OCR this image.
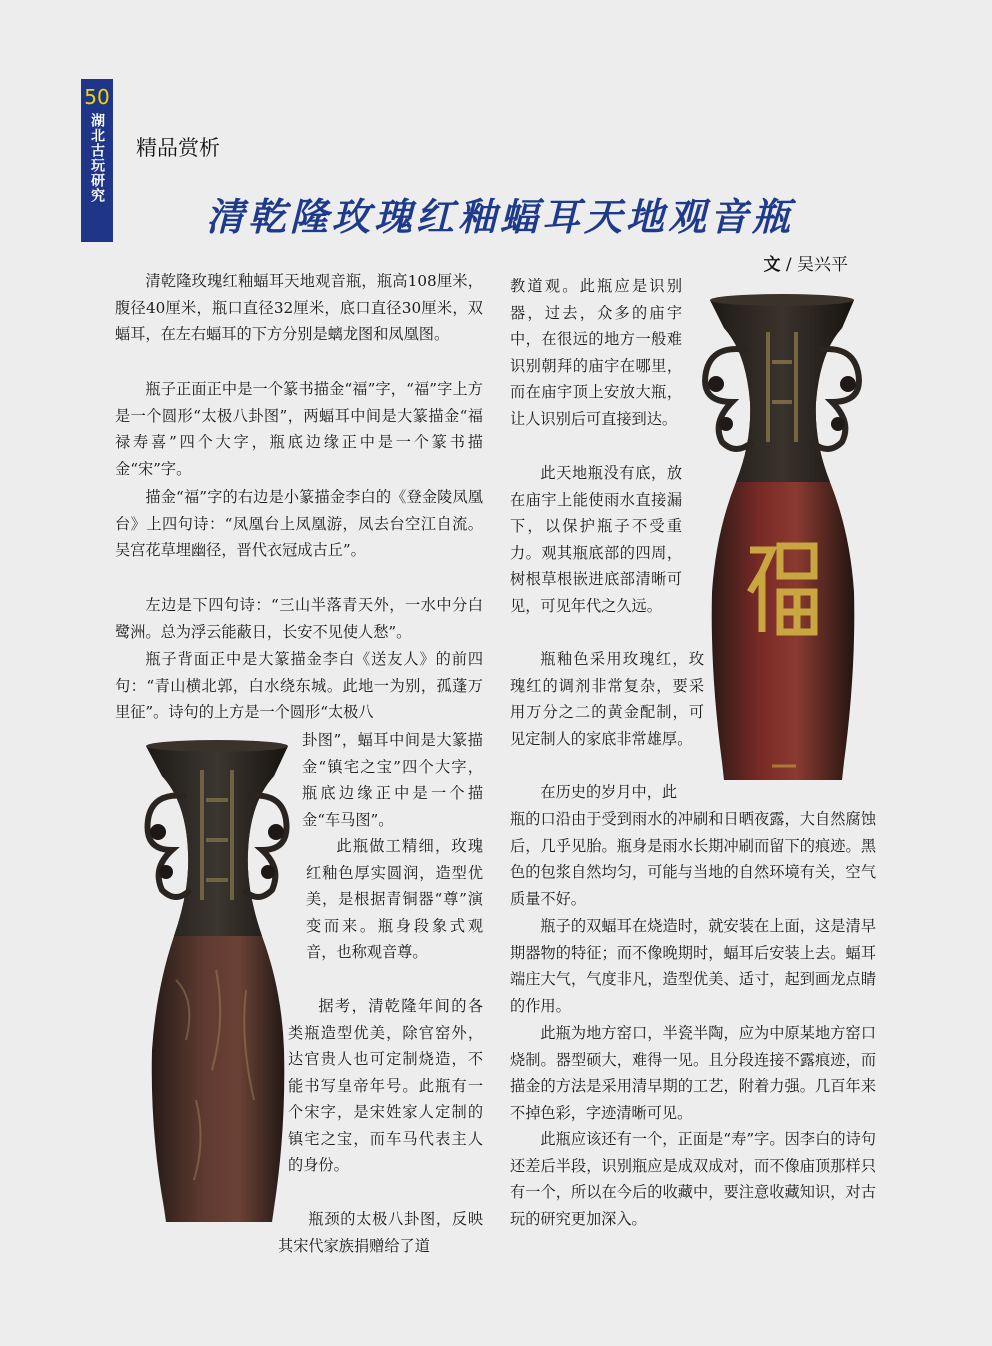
50
湖北古玩研究 精品赏析
清乾隆玫瑰红釉蝠耳天地观音瓶
文 / 吴兴平

清乾隆玫瑰红釉蝠耳天地观音瓶，瓶高108厘米，腹径40厘米，瓶口直径32厘米，底口直径30厘米，双蝠耳，在左右蝠耳的下方分别是螭龙图和凤凰图。

瓶子正面正中是一个篆书描金“福”字，“福”字上方是一个圆形“太极八卦图”，两蝠耳中间是大篆描金“福禄寿喜”四个大字，瓶底边缘正中是一个篆书描金“宋”字。

描金“福”字的右边是小篆描金李白的《登金陵凤凰台》上四句诗：“凤凰台上凤凰游，凤去台空江自流。吴宫花草埋幽径，晋代衣冠成古丘”。

左边是下四句诗：“三山半落青天外，一水中分白鹭洲。总为浮云能蔽日，长安不见使人愁”。

瓶子背面正中是大篆描金李白《送友人》的前四句：“青山横北郭，白水绕东城。此地一为别，孤蓬万里征”。诗句的上方是一个圆形“太极八

卦图”，蝠耳中间是大篆描金“镇宅之宝”四个大字，瓶底边缘正中是一个描金“车马图”。

此瓶做工精细，玫瑰红釉色厚实圆润，造型优美，是根据青铜器“尊”演变而来。瓶身段象式观音，也称观音尊。

据考，清乾隆年间的各类瓶造型优美，除官窑外，达官贵人也可定制烧造，不能书写皇帝年号。此瓶有一个宋字，是宋姓家人定制的镇宅之宝，而车马代表主人的身份。

瓶颈的太极八卦图，反映其宋代家族捐赠给了道

教道观。此瓶应是识别器，过去，众多的庙宇中，在很远的地方一般难识别朝拜的庙宇在哪里，而在庙宇顶上安放大瓶，让人识别后可直接到达。

此天地瓶没有底，放在庙宇上能使雨水直接漏下，以保护瓶子不受重力。观其瓶底部的四周，树根草根嵌进底部清晰可见，可见年代之久远。

瓶釉色采用玫瑰红，玫瑰红的调剂非常复杂，要采用万分之二的黄金配制，可见定制人的家底非常雄厚。

在历史的岁月中，此

瓶的口沿由于受到雨水的冲刷和日晒夜露，大自然腐蚀后，几乎见胎。瓶身是雨水长期冲刷而留下的痕迹。黑色的包浆自然均匀，可能与当地的自然环境有关，空气质量不好。

瓶子的双蝠耳在烧造时，就安装在上面，这是清早期器物的特征；而不像晚期时，蝠耳后安装上去。蝠耳端庄大气，气度非凡，造型优美、适寸，起到画龙点睛的作用。

此瓶为地方窑口，半瓷半陶，应为中原某地方窑口烧制。器型硕大，难得一见。且分段连接不露痕迹，而描金的方法是采用清早期的工艺，附着力强。几百年来不掉色彩，字迹清晰可见。

此瓶应该还有一个，正面是“寿”字。因李白的诗句还差后半段，识别瓶应是成双成对，而不像庙顶那样只有一个，所以在今后的收藏中，要注意收藏知识，对古玩的研究更加深入。
